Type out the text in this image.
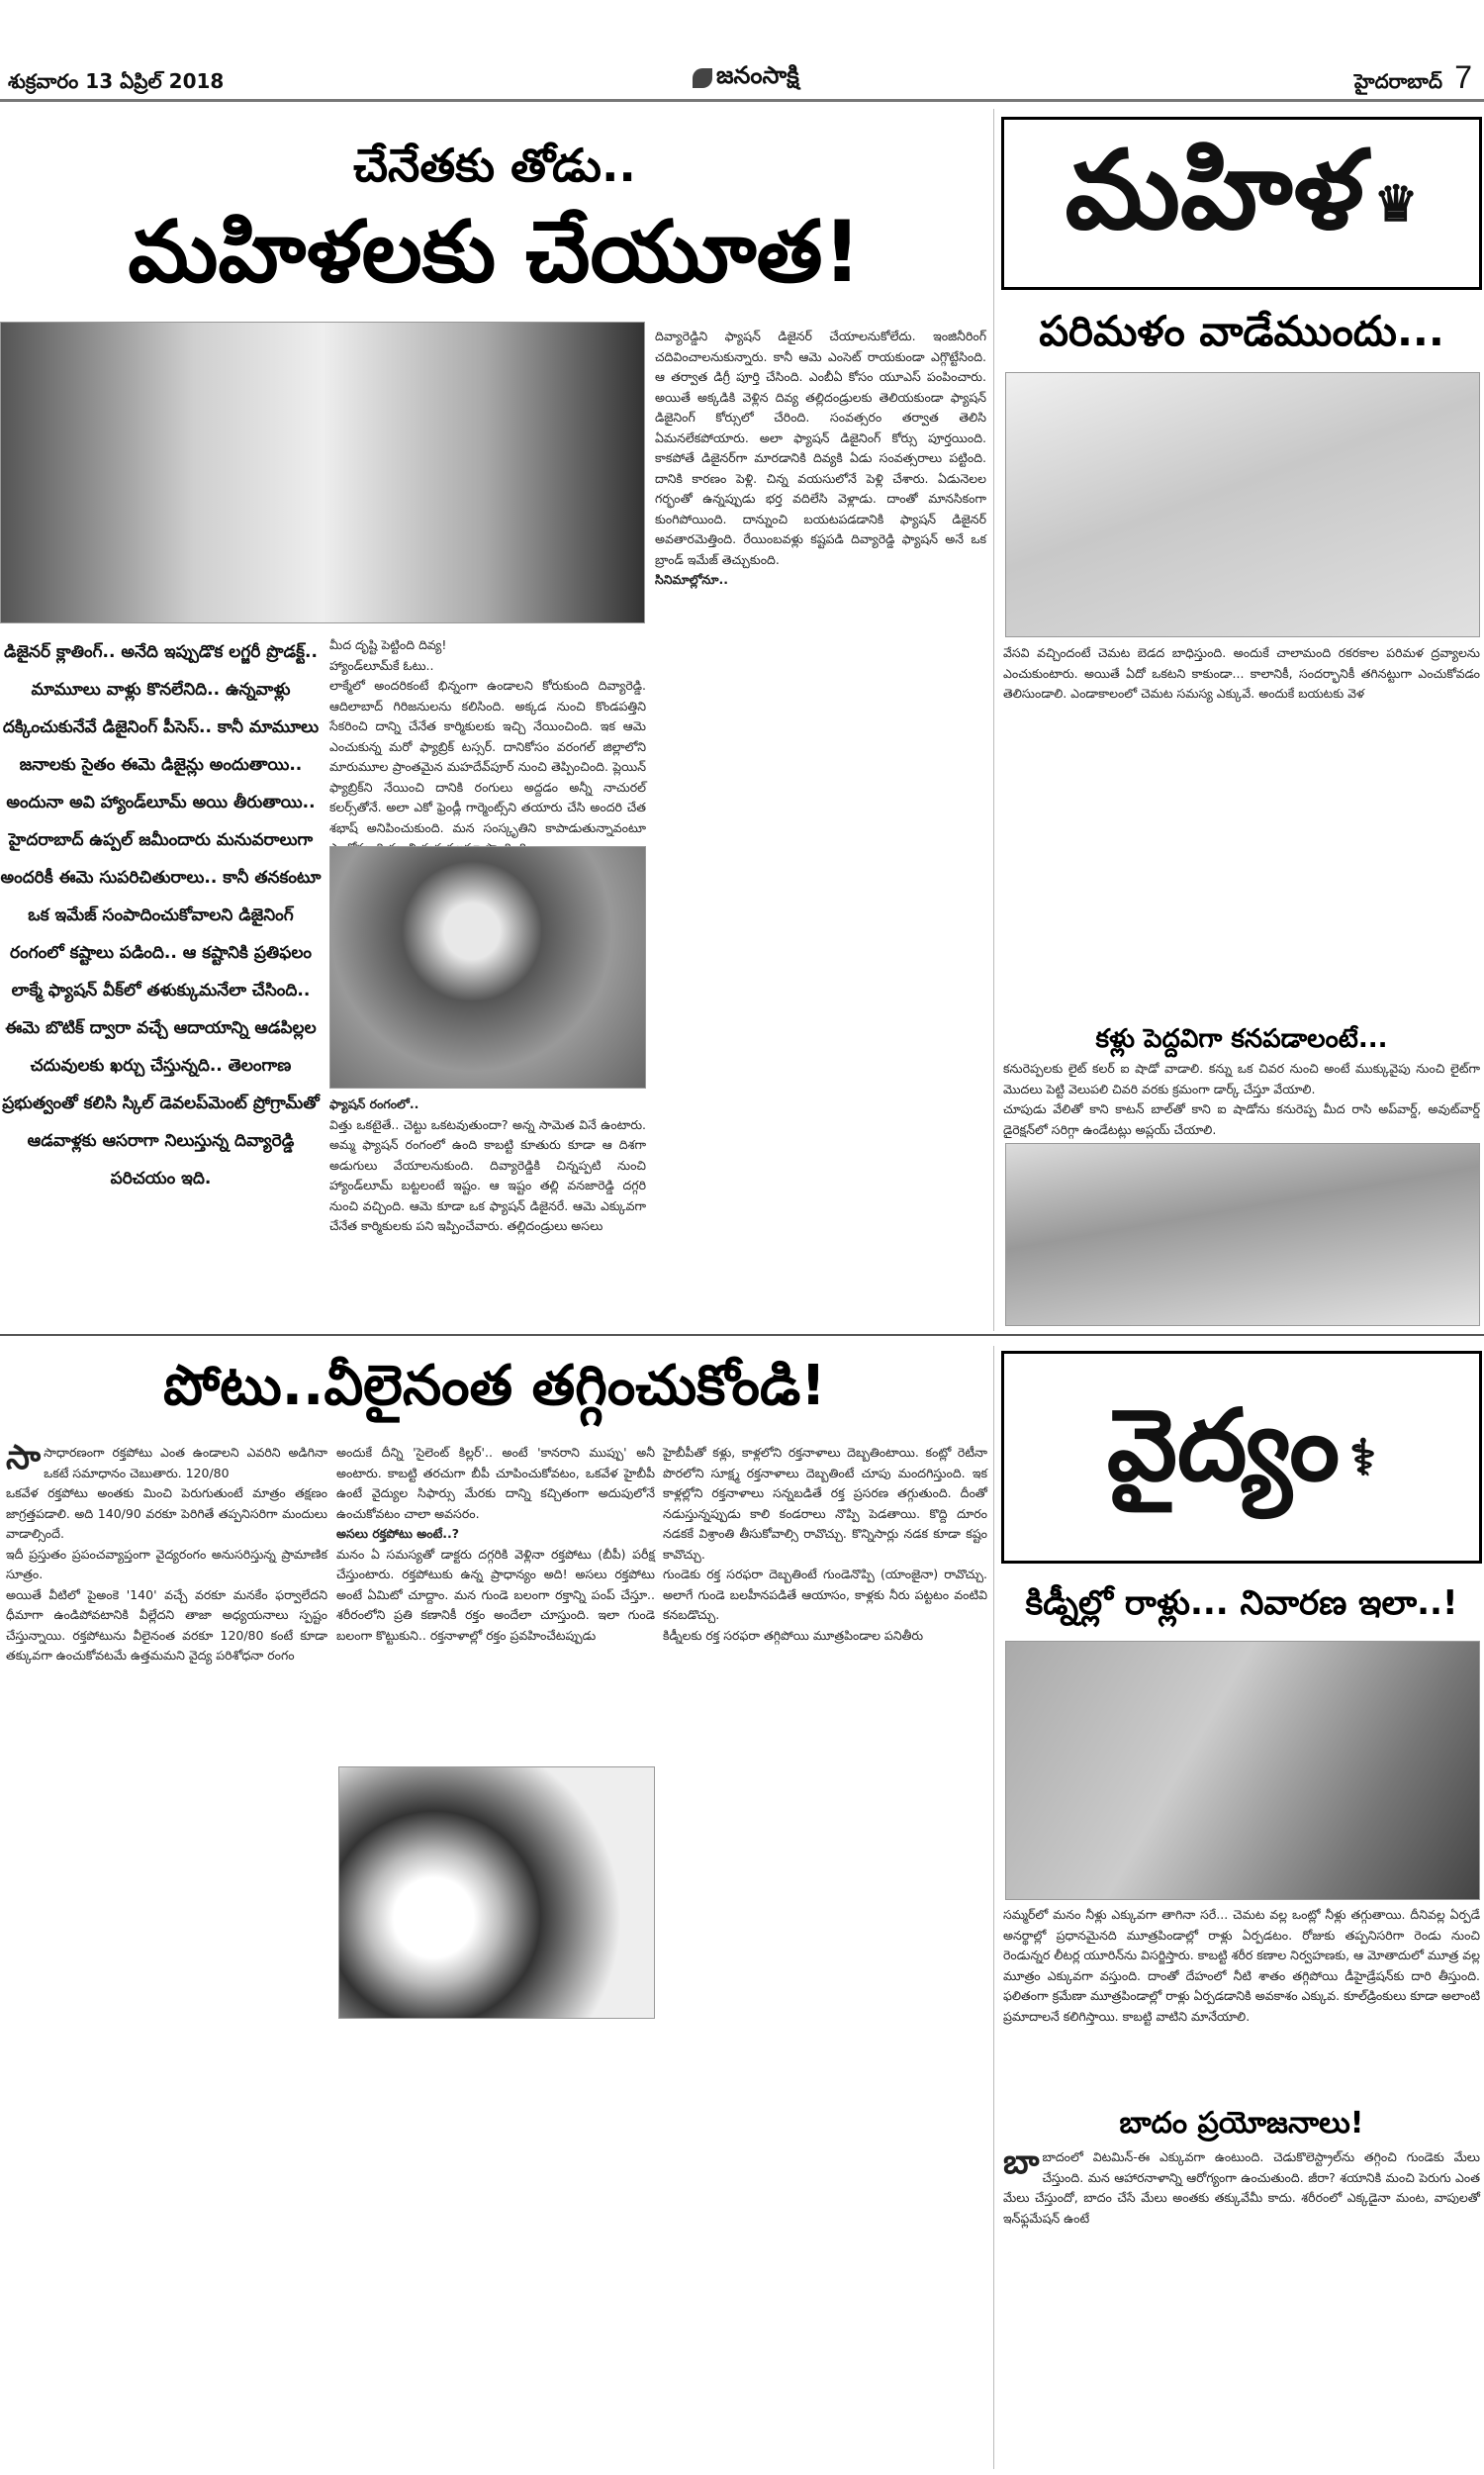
శుక్రవారం 13 ఏప్రిల్ 2018	జనంసాక్షి	హైదరాబాద్ 7
చేనేతకు తోడు..
మహిళలకు చేయూత!
డిజైనర్ క్లాతింగ్.. అనేది ఇప్పుడొక లగ్జరీ ప్రొడక్ట్.. మామూలు వాళ్లు కొనలేనిది.. ఉన్నవాళ్లు దక్కించుకునేవే డిజైనింగ్ పీసెస్.. కానీ మామూలు జనాలకు సైతం ఈమె డిజైన్లు అందుతాయి.. అందునా అవి హ్యాండ్‌లూమ్ అయి తీరుతాయి.. హైదరాబాద్ ఉప్పల్ జమీందారు మనువరాలుగా అందరికీ ఈమె సుపరిచితురాలు.. కానీ తనకంటూ ఒక ఇమేజ్ సంపాదించుకోవాలని డిజైనింగ్ రంగంలో కష్టాలు పడింది.. ఆ కష్టానికి ప్రతిఫలం లాక్మే ఫ్యాషన్ వీక్‌లో తళుక్కుమనేలా చేసింది.. ఈమె బొటిక్ ద్వారా వచ్చే ఆదాయాన్ని ఆడపిల్లల చదువులకు ఖర్చు చేస్తున్నది.. తెలంగాణ ప్రభుత్వంతో కలిసి స్కిల్ డెవలప్‌మెంట్ ప్రోగ్రామ్‌తో ఆడవాళ్లకు ఆసరాగా నిలుస్తున్న దివ్యారెడ్డి పరిచయం ఇది.

మీద దృష్టి పెట్టింది దివ్య!

హ్యాండ్‌లూమ్‌కే ఓటు..

లాక్మేలో అందరికంటే భిన్నంగా ఉండాలని కోరుకుంది దివ్యారెడ్డి. ఆదిలాబాద్ గిరిజనులను కలిసింది. అక్కడ నుంచి కొండపత్తిని సేకరించి దాన్ని చేనేత కార్మికులకు ఇచ్చి నేయించింది. ఇక ఆమె ఎంచుకున్న మరో ఫ్యాబ్రిక్ టస్సర్. దానికోసం వరంగల్ జిల్లాలోని మారుమూల ప్రాంతమైన మహదేవ్‌పూర్ నుంచి తెప్పించింది. ప్లెయిన్ ఫ్యాబ్రిక్‌ని నేయించి దానికి రంగులు అద్దడం అన్నీ నాచురల్ కలర్స్‌తోనే. అలా ఎకో ఫ్రెండ్లీ గార్మెంట్స్‌ని తయారు చేసి అందరి చేత శభాష్ అనిపించుకుంది. మన సంస్కృతిని కాపాడుతున్నావంటూ

ఫ్యాషన్ రంగంలో..

విత్తు ఒకటైతే.. చెట్టు ఒకటవుతుందా? అన్న సామెత వినే ఉంటారు. అమ్మ ఫ్యాషన్ రంగంలో ఉంది కాబట్టి కూతురు కూడా ఆ దిశగా అడుగులు వేయాలనుకుంది. దివ్యారెడ్డికి చిన్నప్పటి నుంచి హ్యాండ్‌లూమ్ బట్టలంటే ఇష్టం. ఆ ఇష్టం తల్లి వనజారెడ్డి దగ్గరి నుంచి వచ్చింది. ఆమె కూడా ఒక ఫ్యాషన్ డిజైనరే. ఆమె ఎక్కువగా చేనేత కార్మికులకు పని ఇప్పించేవారు. తల్లిదండ్రులు అసలు

దివ్యారెడ్డిని ఫ్యాషన్ డిజైనర్ చేయాలనుకోలేదు. ఇంజినీరింగ్ చదివించాలనుకున్నారు. కానీ ఆమె ఎంసెట్ రాయకుండా ఎగ్గొట్టేసింది. ఆ తర్వాత డిగ్రీ పూర్తి చేసింది. ఎంబీఏ కోసం యూఎస్ పంపించారు. అయితే అక్కడికి వెళ్లిన దివ్య తల్లిదండ్రులకు తెలియకుండా ఫ్యాషన్ డిజైనింగ్ కోర్సులో చేరింది. సంవత్సరం తర్వాత తెలిసి ఏమనలేకపోయారు. అలా ఫ్యాషన్ డిజైనింగ్ కోర్సు పూర్తయింది. కాకపోతే డిజైనర్‌గా మారడానికి దివ్యకి ఏడు సంవత్సరాలు పట్టింది. దానికి కారణం పెళ్లి. చిన్న వయసులోనే పెళ్లి చేశారు. ఏడునెలల గర్భంతో ఉన్నప్పుడు భర్త వదిలేసి వెళ్లాడు. దాంతో మానసికంగా కుంగిపోయింది. దాన్నుంచి బయటపడడానికి ఫ్యాషన్ డిజైనర్ అవతారమెత్తింది. రేయింబవళ్లు కష్టపడి దివ్యారెడ్డి ఫ్యాషన్ అనే ఒక బ్రాండ్ ఇమేజ్ తెచ్చుకుంది.

సినిమాల్లోనూ..

మహిళ ♛
పరిమళం వాడేముందు...
వేసవి వచ్చిందంటే చెమట బెడద బాధిస్తుంది. అందుకే చాలామంది రకరకాల పరిమళ ద్రవ్యాలను ఎంచుకుంటారు. అయితే ఏదో ఒకటని కాకుండా... కాలానికీ, సందర్భానికీ తగినట్టుగా ఎంచుకోవడం తెలిసుండాలి. ఎండాకాలంలో చెమట సమస్య ఎక్కువే. అందుకే బయటకు వెళ
కళ్లు పెద్దవిగా కనపడాలంటే...

కనురెప్పలకు లైట్ కలర్ ఐ షాడో వాడాలి. కన్ను ఒక చివర నుంచి అంటే ముక్కువైపు నుంచి లైట్‌గా మొదలు పెట్టి వెలుపలి చివరి వరకు క్రమంగా డార్క్ చేస్తూ వేయాలి.

చూపుడు వేలితో కాని కాటన్ బాల్‌తో కాని ఐ షాడోను కనురెప్ప మీద రాసి అప్‌వార్డ్, అవుట్‌వార్డ్ డైరెక్షన్‌లో సరిగ్గా ఉండేటట్లు అప్లయ్ చేయాలి.

పోటు..వీలైనంత తగ్గించుకోండి!

సాసాధారణంగా రక్తపోటు ఎంత ఉండాలని ఎవరిని అడిగినా ఒకటే సమాధానం చెబుతారు. 120/80

ఒకవేళ రక్తపోటు అంతకు మించి పెరుగుతుంటే మాత్రం తక్షణం జాగ్రత్తపడాలి. అది 140/90 వరకూ పెరిగితే తప్పనిసరిగా మందులు వాడాల్సిందే.

ఇదీ ప్రస్తుతం ప్రపంచవ్యాప్తంగా వైద్యరంగం అనుసరిస్తున్న ప్రామాణిక సూత్రం.

అయితే వీటిలో పైఅంకె '140' వచ్చే వరకూ మనకేం ఫర్వాలేదని ధీమాగా ఉండిపోవటానికి వీల్లేదని తాజా అధ్యయనాలు స్పష్టం చేస్తున్నాయి. రక్తపోటును వీలైనంత వరకూ 120/80 కంటే కూడా తక్కువగా ఉంచుకోవటమే ఉత్తమమని వైద్య పరిశోధనా రంగం

అందుకే దీన్ని 'సైలెంట్ కిల్లర్'.. అంటే 'కానరాని ముప్పు' అనీ అంటారు. కాబట్టి తరచుగా బీపీ చూపించుకోవటం, ఒకవేళ హైబీపీ ఉంటే వైద్యుల సిఫార్సు మేరకు దాన్ని కచ్చితంగా అదుపులోనే ఉంచుకోవటం చాలా అవసరం.

అసలు రక్తపోటు అంటే..?

మనం ఏ సమస్యతో డాక్టరు దగ్గరికి వెళ్లినా రక్తపోటు (బీపీ) పరీక్ష చేస్తుంటారు. రక్తపోటుకు ఉన్న ప్రాధాన్యం అది! అసలు రక్తపోటు అంటే ఏమిటో చూద్దాం. మన గుండె బలంగా రక్తాన్ని పంప్ చేస్తూ.. శరీరంలోని ప్రతి కణానికీ రక్తం అందేలా చూస్తుంది. ఇలా గుండె బలంగా కొట్టుకుని.. రక్తనాళాల్లో రక్తం ప్రవహించేటప్పుడు

హైబీపీతో కళ్లు, కాళ్లలోని రక్తనాళాలు దెబ్బతింటాయి. కంట్లో రెటీనా పొరలోని సూక్ష్మ రక్తనాళాలు దెబ్బతింటే చూపు మందగిస్తుంది. ఇక కాళ్లల్లోని రక్తనాళాలు సన్నబడితే రక్త ప్రసరణ తగ్గుతుంది. దీంతో నడుస్తున్నప్పుడు కాలి కండరాలు నొప్పి పెడతాయి. కొద్ది దూరం నడకకే విశ్రాంతి తీసుకోవాల్సి రావొచ్చు. కొన్నిసార్లు నడక కూడా కష్టం కావొచ్చు.

గుండెకు రక్త సరఫరా దెబ్బతింటే గుండెనొప్పి (యాంజైనా) రావొచ్చు. అలాగే గుండె బలహీనపడితే ఆయాసం, కాళ్లకు నీరు పట్టటం వంటివి కనబడొచ్చు.

కిడ్నీలకు రక్త సరఫరా తగ్గిపోయి మూత్రపిండాల పనితీరు

వైద్యం ⚕
కిడ్నీల్లో రాళ్లు... నివారణ ఇలా..!
సమ్మర్‌లో మనం నీళ్లు ఎక్కువగా తాగినా సరే... చెమట వల్ల ఒంట్లో నీళ్లు తగ్గుతాయి. దీనివల్ల ఏర్పడే అనర్థాల్లో ప్రధానమైనది మూత్రపిండాల్లో రాళ్లు ఏర్పడటం. రోజుకు తప్పనిసరిగా రెండు నుంచి రెండున్నర లీటర్ల యూరిన్‌ను విసర్జిస్తారు. కాబట్టి శరీర కణాల నిర్వహణకు, ఆ మోతాదులో మూత్ర వల్ల మూత్రం ఎక్కువగా వస్తుంది. దాంతో దేహంలో నీటి శాతం తగ్గిపోయి డీహైడ్రేషన్‌కు దారి తీస్తుంది. ఫలితంగా క్రమేణా మూత్రపిండాల్లో రాళ్లు ఏర్పడడానికి అవకాశం ఎక్కువ. కూల్‌డ్రింకులు కూడా అలాంటి ప్రమాదాలనే కలిగిస్తాయి. కాబట్టి వాటిని మానేయాలి.
బాదం ప్రయోజనాలు!
బాబాదంలో విటమిన్-ఈ ఎక్కువగా ఉంటుంది. చెడుకొలెస్ట్రాల్‌ను తగ్గించి గుండెకు మేలు చేస్తుంది. మన ఆహారనాళాన్ని ఆరోగ్యంగా ఉంచుతుంది. జీరా? శయానికి మంచి పెరుగు ఎంత మేలు చేస్తుందో, బాదం చేసే మేలు అంతకు తక్కువేమీ కాదు. శరీరంలో ఎక్కడైనా మంట, వాపులతో ఇన్‌ఫ్లమేషన్ ఉంటే
